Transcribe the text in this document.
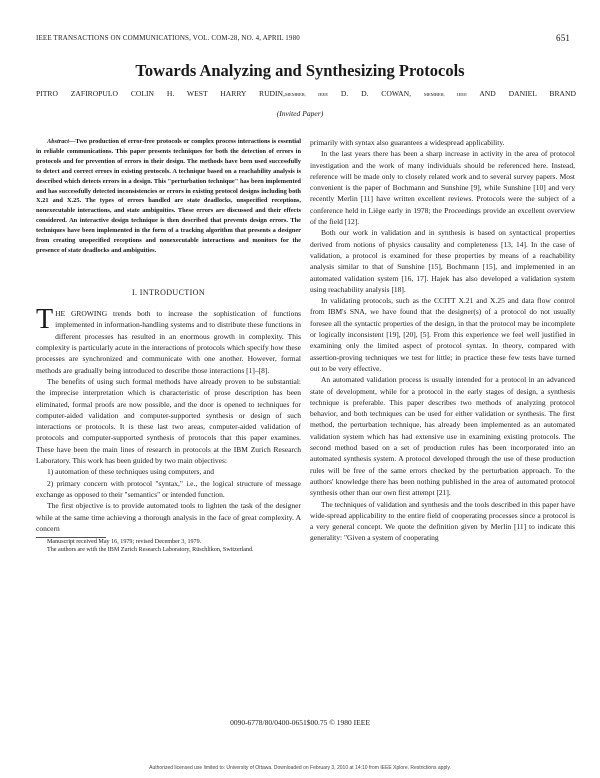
IEEE TRANSACTIONS ON COMMUNICATIONS, VOL. COM-28, NO. 4, APRIL 1980	651
Towards Analyzing and Synthesizing Protocols
PITRO ZAFIROPULO COLIN H. WEST HARRY RUDIN,MEMBER, IEEE D. D. COWAN,	MEMBER, IEEE AND DANIEL BRAND
(Invited Paper)

Abstract—Two production of error-free protocols or complex process interactions is essential in reliable communications. This paper presents techniques for both the detection of errors in protocols and for prevention of errors in their design. The methods have been used successfully to detect and correct errors in existing protocols. A technique based on a reachability analysis is described which detects errors in a design. This "perturbation technique" has been implemented and has successfully detected inconsistencies or errors in existing protocol designs including both X.21 and X.25. The types of errors handled are state deadlocks, unspecified receptions, nonexecutable interactions, and state ambiguities. These errors are discussed and their effects considered. An interactive design technique is then described that prevents design errors. The techniques have been implemented in the form of a tracking algorithm that presents a designer from creating unspecified receptions and nonexecutable interactions and monitors for the presence of state deadlocks and ambiguities.

I. INTRODUCTION

THE GROWING trends both to increase the sophistication of functions implemented in information-handling systems and to distribute these functions in different processes has resulted in an enormous growth in complexity. This complexity is particularly acute in the interactions of protocols which specify how these processes are synchronized and communicate with one another. However, formal methods are gradually being introduced to describe those interactions [1]–[8].

The benefits of using such formal methods have already proven to be substantial: the imprecise interpretation which is characteristic of prose description has been eliminated, formal proofs are now possible, and the door is opened to techniques for computer-aided validation and computer-supported synthesis or design of such interactions or protocols. It is these last two areas, computer-aided validation of protocols and computer-supported synthesis of protocols that this paper examines. These have been the main lines of research in protocols at the IBM Zurich Research Laboratory. This work has been guided by two main objectives:

1) automation of these techniques using computers, and

2) primary concern with protocol "syntax," i.e., the logical structure of message exchange as opposed to their "semantics" or intended function.

The first objective is to provide automated tools to lighten the task of the designer while at the same time achieving a thorough analysis in the face of great complexity. A concern

Manuscript received May 16, 1979; revised December 3, 1979.

The authors are with the IBM Zurich Research Laboratory, Rüschlikon, Switzerland.

primarily with syntax also guarantees a widespread applicability.

In the last years there has been a sharp increase in activity in the area of protocol investigation and the work of many individuals should be referenced here. Instead, reference will be made only to closely related work and to several survey papers. Most convenient is the paper of Bochmann and Sunshine [9], while Sunshine [10] and very recently Merlin [11] have written excellent reviews. Protocols were the subject of a conference held in Liège early in 1978; the Proceedings provide an excellent overview of the field [12].

Both our work in validation and in synthesis is based on syntactical properties derived from notions of physics causality and completeness [13, 14]. In the case of validation, a protocol is examined for these properties by means of a reachability analysis similar to that of Sunshine [15], Bochmann [15], and implemented in an automated validation system [16, 17]. Hajek has also developed a validation system using reachability analysis [18].

In validating protocols, such as the CCITT X.21 and X.25 and data flow control from IBM's SNA, we have found that the designer(s) of a protocol do not usually foresee all the syntactic properties of the design, in that the protocol may be incomplete or logically inconsistent [19], [20], [5]. From this experience we feel well justified in examining only the limited aspect of protocol syntax. In theory, compared with assertion-proving techniques we test for little; in practice these few tests have turned out to be very effective.

An automated validation process is usually intended for a protocol in an advanced state of development, while for a protocol in the early stages of design, a synthesis technique is preferable. This paper describes two methods of analyzing protocol behavior, and both techniques can be used for either validation or synthesis. The first method, the perturbation technique, has already been implemented as an automated validation system which has had extensive use in examining existing protocols. The second method based on a set of production rules has been incorporated into an automated synthesis system. A protocol developed through the use of these production rules will be free of the same errors checked by the perturbation approach. To the authors' knowledge there has been nothing published in the area of automated protocol synthesis other than our own first attempt [21].

The techniques of validation and synthesis and the tools described in this paper have wide-spread applicability to the entire field of cooperating processes since a protocol is a very general concept. We quote the definition given by Merlin [11] to indicate this generality: "Given a system of cooperating

0090-6778/80/0400-0651$00.75 © 1980 IEEE
Authorized licensed use limited to: University of Ottawa. Downloaded on February 3, 2010 at 14:10 from IEEE Xplore. Restrictions apply.
